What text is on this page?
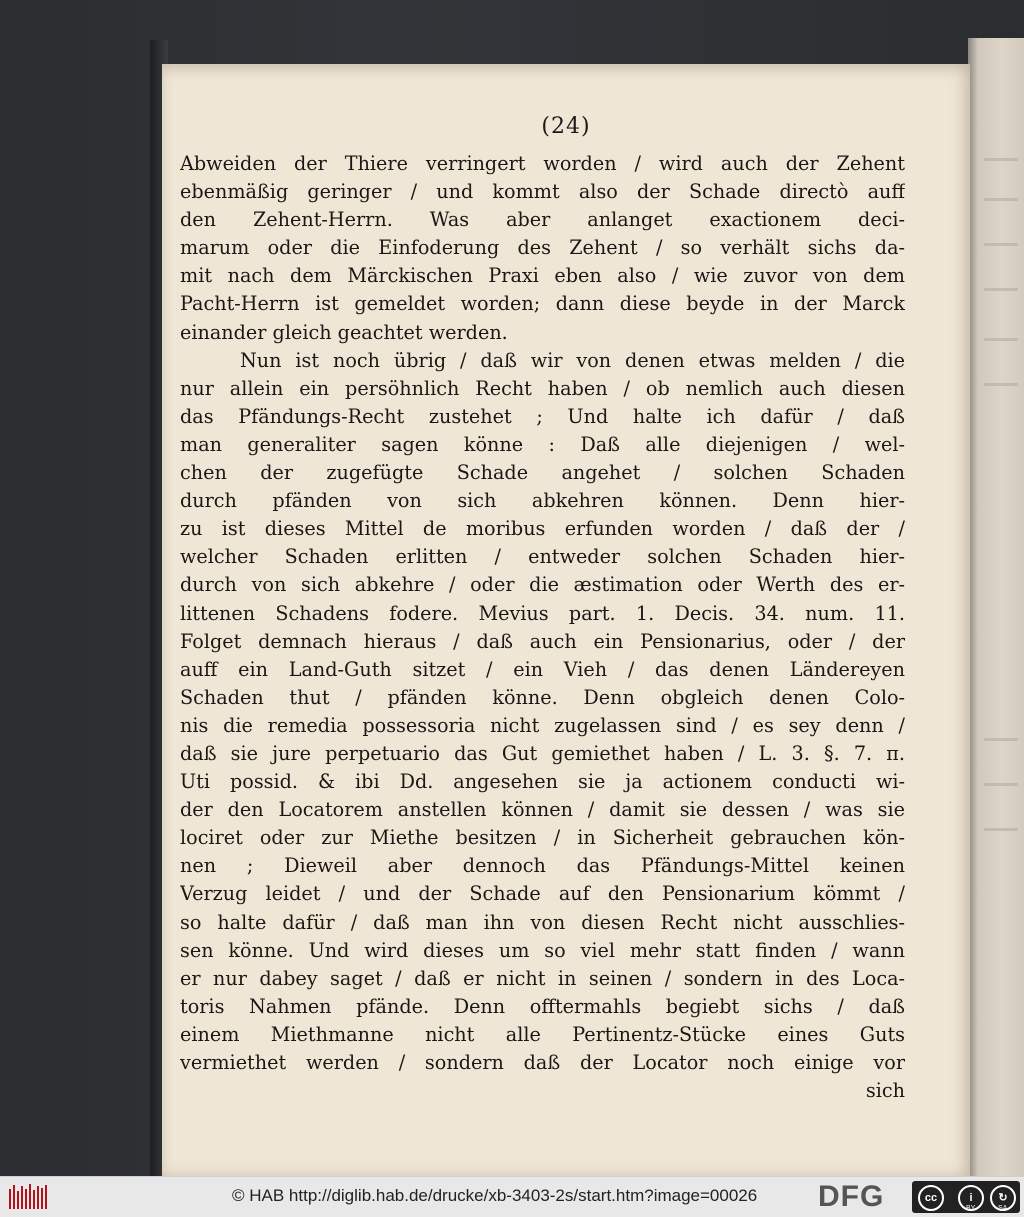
(24)
Abweiden der Thiere verringert worden / wird auch der Zehent
ebenmäßig geringer / und kommt also der Schade directò auff
den Zehent-Herrn. Was aber anlanget exactionem deci-
marum oder die Einfoderung des Zehent / so verhält sichs da-
mit nach dem Märckischen Praxi eben also / wie zuvor von dem
Pacht-Herrn ist gemeldet worden; dann diese beyde in der Marck
einander gleich geachtet werden.
Nun ist noch übrig / daß wir von denen etwas melden / die
nur allein ein persöhnlich Recht haben / ob nemlich auch diesen
das Pfändungs-Recht zustehet ; Und halte ich dafür / daß
man generaliter sagen könne : Daß alle diejenigen / wel-
chen der zugefügte Schade angehet / solchen Schaden
durch pfänden von sich abkehren können. Denn hier-
zu ist dieses Mittel de moribus erfunden worden / daß der /
welcher Schaden erlitten / entweder solchen Schaden hier-
durch von sich abkehre / oder die æstimation oder Werth des er-
littenen Schadens fodere. Mevius part. 1. Decis. 34. num. 11.
Folget demnach hieraus / daß auch ein Pensionarius, oder / der
auff ein Land-Guth sitzet / ein Vieh / das denen Ländereyen
Schaden thut / pfänden könne. Denn obgleich denen Colo-
nis die remedia possessoria nicht zugelassen sind / es sey denn /
daß sie jure perpetuario das Gut gemiethet haben / L. 3. §. 7. π.
Uti possid. & ibi Dd. angesehen sie ja actionem conducti wi-
der den Locatorem anstellen können / damit sie dessen / was sie
lociret oder zur Miethe besitzen / in Sicherheit gebrauchen kön-
nen ; Dieweil aber dennoch das Pfändungs-Mittel keinen
Verzug leidet / und der Schade auf den Pensionarium kömmt /
so halte dafür / daß man ihn von diesen Recht nicht ausschlies-
sen könne. Und wird dieses um so viel mehr statt finden / wann
er nur dabey saget / daß er nicht in seinen / sondern in des Loca-
toris Nahmen pfände. Denn offtermahls begiebt sichs / daß
einem Miethmanne nicht alle Pertinentz-Stücke eines Guts
vermiethet werden / sondern daß der Locator noch einige vor
sich
© HAB http://diglib.hab.de/drucke/xb-3403-2s/start.htm?image=00026 DFG	cc	i	↻
BY	SA
